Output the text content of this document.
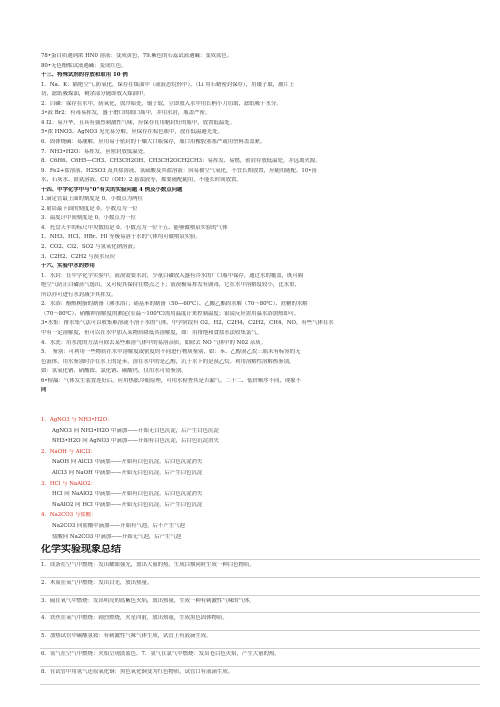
78•蛋白质遇到浓 HN0 溶液：变成黄色，79.紫色的石蕊试液遇碱：变成蓝色。
80•无色酚酞试液遇碱：变成红色。
十三、特殊试剂的存放和取用 10 例
1．Na、K：隔绝空气.防氧化，保存在煤油中（或液态烷烃中），（Li 用石蜡密封保存），用镊子取，玻片上
切，滤纸吸煤油，剩余部分随即放入煤油中。
2．白磷：保存在水中，防氧化，放冷暗处，镊子取，立即放入水中用长柄小刀切取，滤纸吸干水分。
3•液 Br2：有毒易挥发，盛于磨口的细口瓶中，并用水封，瓶盖严密。
4 I2：易升华，且具有强烈刺激性气味，应保存在用蜡封好的瓶中，放置低温处。
5•浓 HNO3、AgNO3 见光易分解，应保存在棕色瓶中，放在低温避光处。
6．固体烧碱：易潮解，应用易于密封的干燥大口瓶保存，瓶口用橡胶塞塞严或用塑料盖盖紧。
7．NH3•H2O：易挥发，应密封放低温处。
8．C6H6、C6H5—CH3、CH3CH2OH、CH3CH2OCH2CH3：易挥发、易燃，密封存放低温处，并远离火源。
9．Fe2+盐溶液、H2SO3 及其盐溶液、氢硫酸及其盐溶液：因易被空气氧化，不宜长期放置，应随用随配。10•卤
水、石灰水、银氨溶液、CU（OH）2 悬浊液等，都要随配随用，不能长时间放置。
十四、中学化学中与“0”有关的实验问题 4 例及小数点问题
1.滴定管最上面的刻度是 0。小数点为两位
2.量筒最下面的刻度是 0。小数点为一位
3．温度计中间刻度是 0。小数点为一位
4．托盘天平的标尺中央数值是 0。小数点为一位十五、能够做喷泉实验的气体
1、NH3、HCl、HBr、HI 等极易溶于水的气体均可做喷泉实验。
2、CO2、Cl2、SO2 与氢氧化钠溶液；
3、C2H2、C2H2 与溴水反应
十六、实验中水的妙用
1．水封：在中学化学实验中，液溴需要水封，少量白磷放入盛有冷水的广口瓶中保存，通过水的覆盖，既可隔
绝空气防止白磷蒸气逸出，又可使其保持在燃点之下；液溴极易挥发有剧毒，它在水中溶解度较小，比水重，
所以亦可进行水封减少其挥发。
2．水浴：酚醛树脂的制备（沸水浴）；硝基苯的制备（50—60℃）、乙酸乙酯的水解（70～80℃）、蔗糖的水解
（70～80℃）、硝酸钾溶解度的测定(室温～100℃)需用温度计来控制温度；银镜反应需用温水浴加热即可。
3•水集：排水集气法可以收集难溶或不溶于水的气体，中学阶段有 O2，H2，C2H4，C2H2，CH4，NO。有些气体在水
中有一定溶解度，但可以在水中加入某物质降低其溶解度，如：用排饱和食盐水法收集氯气。
4．水洗：用水洗的方法可除去某些难溶气体中的易溶杂质，如除去 NO 气体中的 N02 杂质。
5．　鉴别：可利用一些物质在水中溶解度或密度的不同进行物质鉴别，如：苯、乙醇溴乙烷三瓶未有标签的无
色液体，用水鉴别时浮在水上的是苯，溶在水中的是乙醇，沉于水下的是溴乙烷。利用溶解性溶解热鉴别，
如：氢氧化钠、硝酸铵、氯化钠、碳酸钙，仅用水可资鉴别。
6•检漏：气体发生装置连好后，应用热胀冷缩原理，可用水检查其是否漏气。二十二、低价顺序不同，现象不
同
1．AgNO3 与 NH3•H2O：
AgNO3 向 NH3•H2O 中滴加——开始无白色沉淀，后产生白色沉淀
NH3•H2O 向 AgNO3 中滴加——开始有白色沉淀，后白色沉淀消失
2．NaOH 与 AlCl3：
NaOH 向 AlCl3 中滴加——开始有白色沉淀，后白色沉淀消失
AlCl3 向 NaOH 中滴加——开始无白色沉淀，后产生白色沉淀
3．HCl 与 NaAlO2：
HCl 向 NaAlO2 中滴加——开始有白色沉淀，后白色沉淀消失
NaAlO2 向 HCl 中滴加——开始无白色沉淀，后产生白色沉淀
4．Na2CO3 与盐酸：
Na2CO3 向盐酸中滴加——开始有气泡，后不产生气泡
盐酸向 Na2CO3 中滴加——开始无气泡，后产生气泡
化学实验现象总结
1．镁条在空气中燃烧：发出耀眼强光，放出大量的热，生成白烟同时生成一种白色物质。
2．木炭在氧气中燃烧：发出白光，放出热量。
3．硫在氧气中燃烧：发出明亮的蓝紫色火焰，放出热量，生成一种有刺激性气味的气体。
4．铁丝在氧气中燃烧：剧烈燃烧，火星四射，放出热量，生成黑色固体物质。
5．加热试管中碳酸氢铵：有刺激性气味气体生成，试管上有液滴生成。
6．氢气在空气中燃烧：火焰呈现淡蓝色。7．氢气在氯气中燃烧：发出苍白色火焰，产生大量的热。
8．在试管中用氢气还原氧化铜：黑色氧化铜变为红色物质，试管口有液滴生成。
